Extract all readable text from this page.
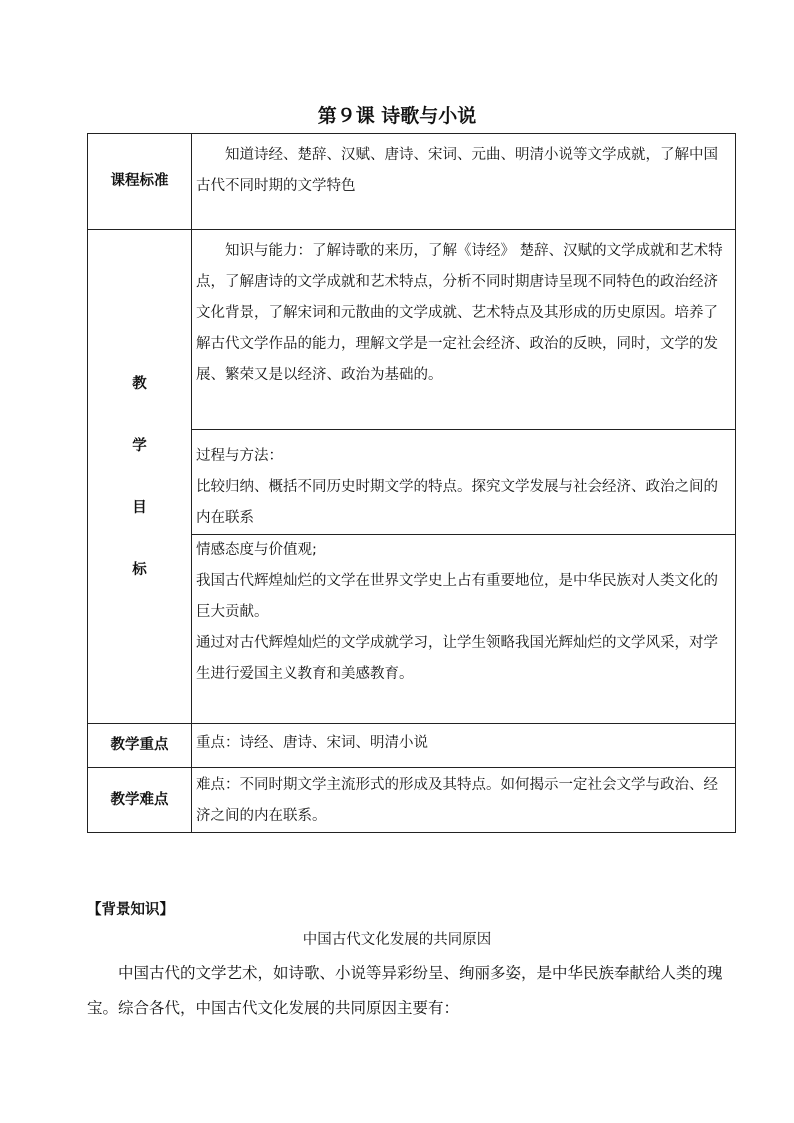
第９课 诗歌与小说
课程标准	知道诗经、楚辞、汉赋、唐诗、宋词、元曲、明清小说等文学成就，了解中国古代不同时期的文学特色

教
学
目
标	知识与能力：了解诗歌的来历，了解《诗经》 楚辞、汉赋的文学成就和艺术特点，了解唐诗的文学成就和艺术特点，分析不同时期唐诗呈现不同特色的政治经济文化背景，了解宋词和元散曲的文学成就、艺术特点及其形成的历史原因。培养了解古代文学作品的能力，理解文学是一定社会经济、政治的反映，同时，文学的发展、繁荣又是以经济、政治为基础的。

	过程与方法：

比较归纳、概括不同历史时期文学的特点。探究文学发展与社会经济、政治之间的内在联系

	情感态度与价值观;

我国古代辉煌灿烂的文学在世界文学史上占有重要地位，是中华民族对人类文化的巨大贡献。

通过对古代辉煌灿烂的文学成就学习，让学生领略我国光辉灿烂的文学风采，对学生进行爱国主义教育和美感教育。

教学重点	重点：诗经、唐诗、宋词、明清小说

教学难点	难点：不同时期文学主流形式的形成及其特点。如何揭示一定社会文学与政治、经济之间的内在联系。

【背景知识】

中国古代文化发展的共同原因

中国古代的文学艺术，如诗歌、小说等异彩纷呈、绚丽多姿，是中华民族奉献给人类的瑰宝。综合各代，中国古代文化发展的共同原因主要有：
